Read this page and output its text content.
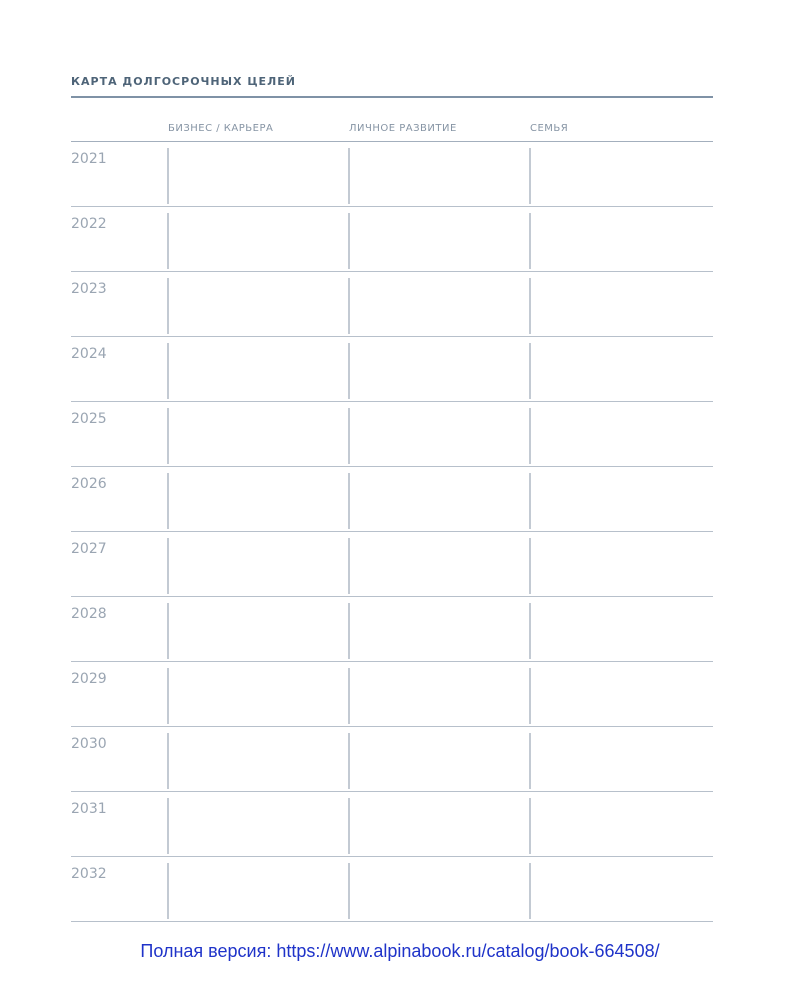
КАРТА ДОЛГОСРОЧНЫХ ЦЕЛЕЙ
БИЗНЕС / КАРЬЕРА	ЛИЧНОЕ РАЗВИТИЕ	СЕМЬЯ
2021
2022
2023
2024
2025
2026
2027
2028
2029
2030
2031
2032
Полная версия: https://www.alpinabook.ru/catalog/book-664508/
